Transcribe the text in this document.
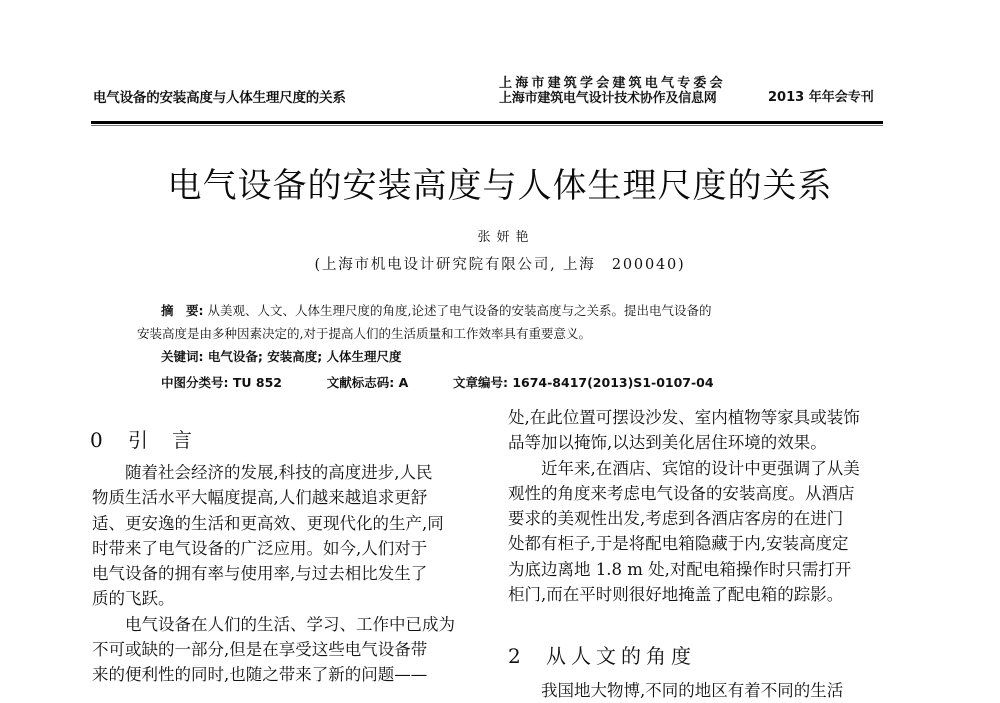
电气设备的安装高度与人体生理尺度的关系
上海市建筑学会建筑电气专委会
上海市建筑电气设计技术协作及信息网	2013 年年会专刊
电气设备的安装高度与人体生理尺度的关系
张妍艳
(上海市机电设计研究院有限公司, 上海　200040)
摘　要: 从美观、人文、人体生理尺度的角度,论述了电气设备的安装高度与之关系。提出电气设备的
安装高度是由多种因素决定的,对于提高人们的生活质量和工作效率具有重要意义。
关键词: 电气设备; 安装高度; 人体生理尺度
中图分类号: TU 852	文献标志码: A	文章编号: 1674-8417(2013)S1-0107-04
0 引言

随着社会经济的发展,科技的高度进步,人民

物质生活水平大幅度提高,人们越来越追求更舒

适、更安逸的生活和更高效、更现代化的生产,同

时带来了电气设备的广泛应用。如今,人们对于

电气设备的拥有率与使用率,与过去相比发生了

质的飞跃。

电气设备在人们的生活、学习、工作中已成为

不可或缺的一部分,但是在享受这些电气设备带

来的便利性的同时,也随之带来了新的问题——

处,在此位置可摆设沙发、室内植物等家具或装饰

品等加以掩饰,以达到美化居住环境的效果。

近年来,在酒店、宾馆的设计中更强调了从美

观性的角度来考虑电气设备的安装高度。从酒店

要求的美观性出发,考虑到各酒店客房的在进门

处都有柜子,于是将配电箱隐藏于内,安装高度定

为底边离地 1.8 m 处,对配电箱操作时只需打开

柜门,而在平时则很好地掩盖了配电箱的踪影。

2 从人文的角度

我国地大物博,不同的地区有着不同的生活
